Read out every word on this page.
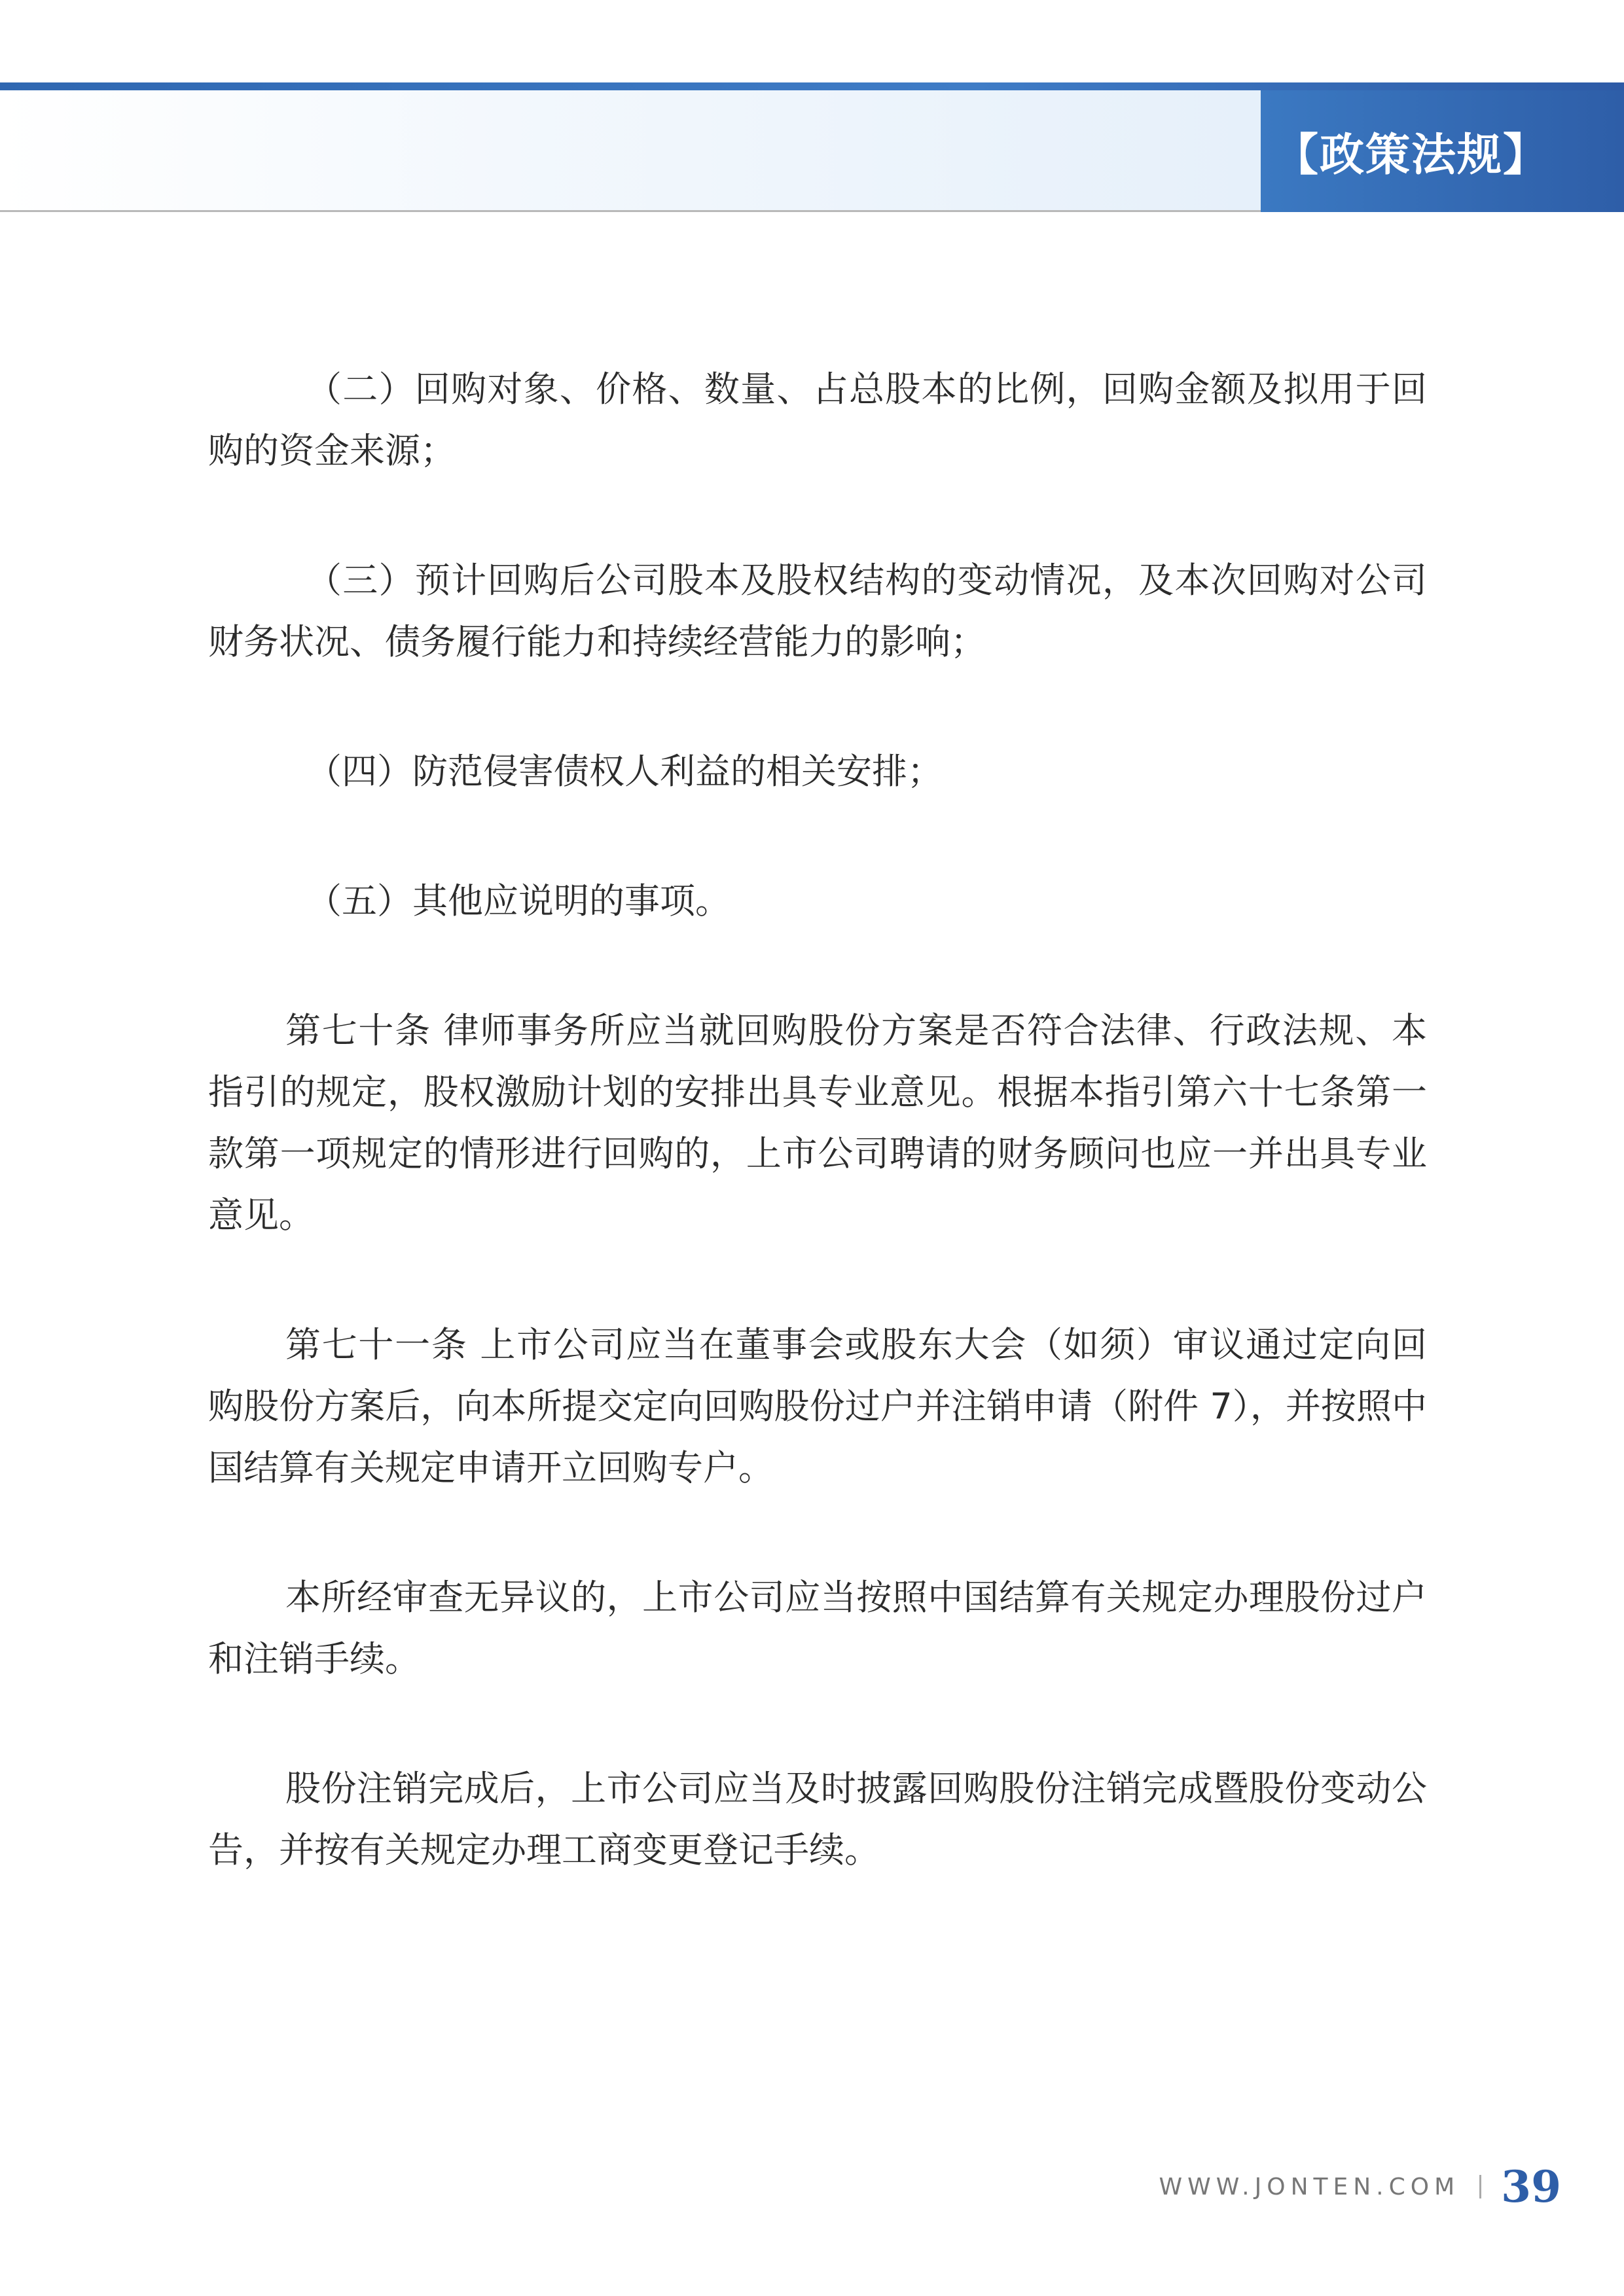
【政策法规】

（二）回购对象、价格、数量、占总股本的比例，回购金额及拟用于回购的资金来源；

（三）预计回购后公司股本及股权结构的变动情况，及本次回购对公司财务状况、债务履行能力和持续经营能力的影响；

（四）防范侵害债权人利益的相关安排；

（五）其他应说明的事项。

第七十条 律师事务所应当就回购股份方案是否符合法律、行政法规、本指引的规定，股权激励计划的安排出具专业意见。根据本指引第六十七条第一款第一项规定的情形进行回购的，上市公司聘请的财务顾问也应一并出具专业意见。

第七十一条 上市公司应当在董事会或股东大会（如须）审议通过定向回购股份方案后，向本所提交定向回购股份过户并注销申请（附件 7），并按照中国结算有关规定申请开立回购专户。

本所经审查无异议的，上市公司应当按照中国结算有关规定办理股份过户和注销手续。

股份注销完成后，上市公司应当及时披露回购股份注销完成暨股份变动公告，并按有关规定办理工商变更登记手续。

WWW.JONTEN.COM 39
